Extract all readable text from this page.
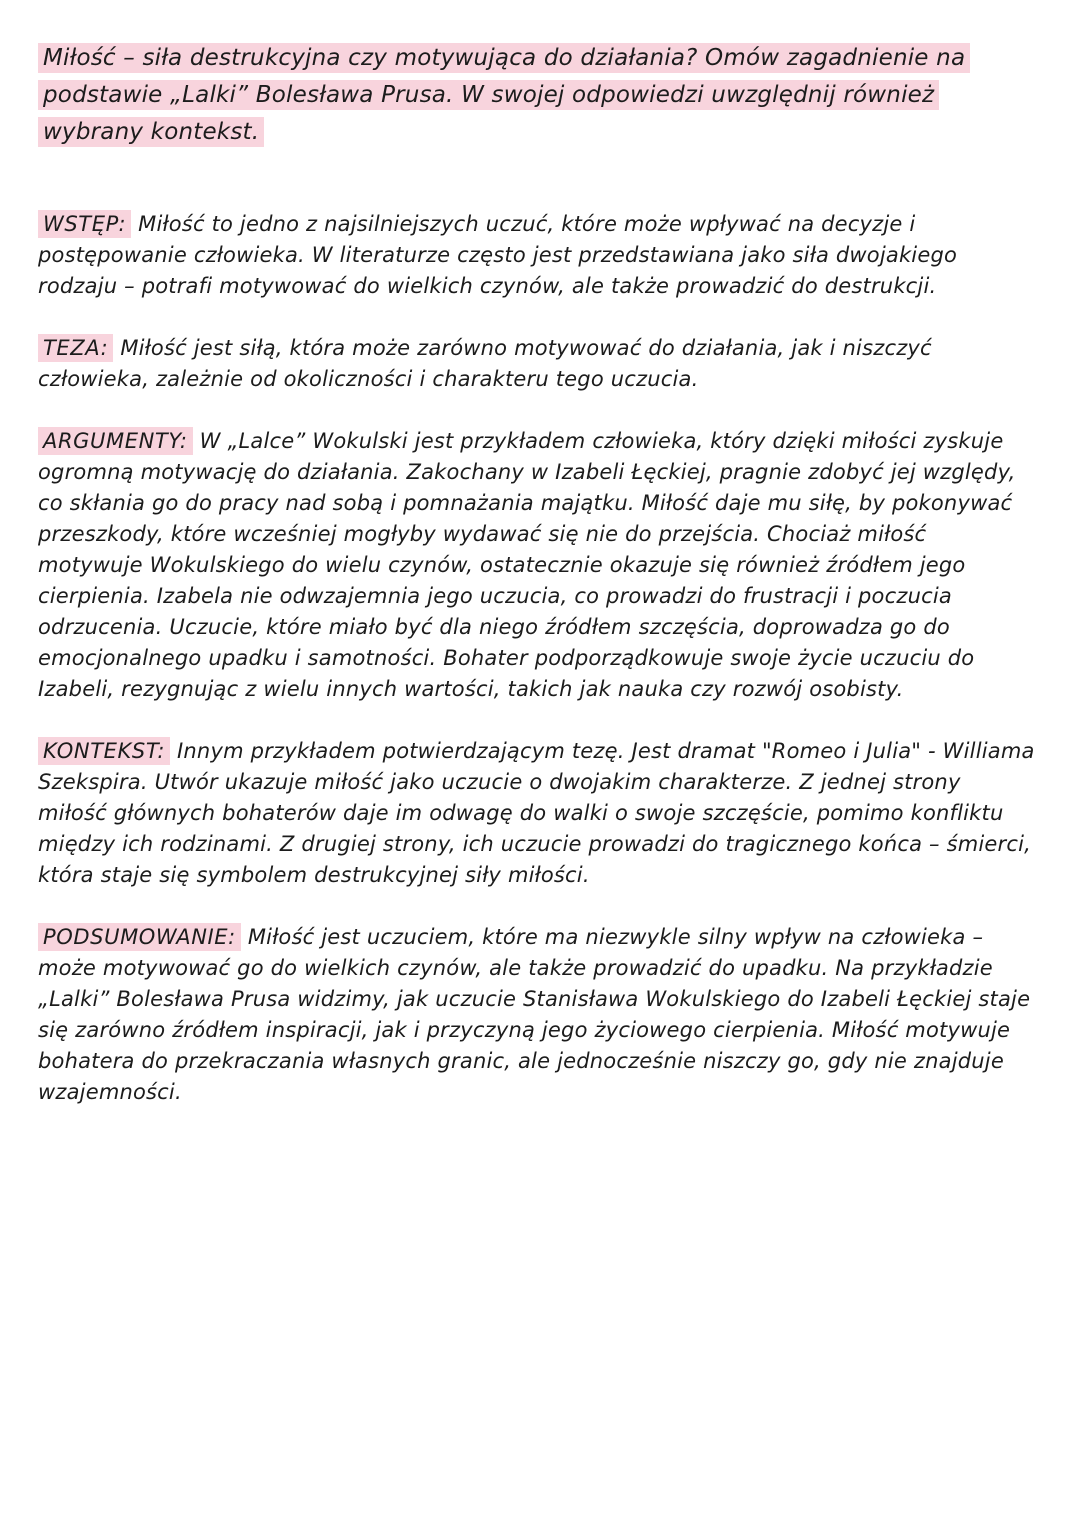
Miłość – siła destrukcyjna czy motywująca do działania? Omów zagadnienie na podstawie „Lalki” Bolesława Prusa. W swojej odpowiedzi uwzględnij również wybrany kontekst.

WSTĘP: Miłość to jedno z najsilniejszych uczuć, które może wpływać na decyzje i postępowanie człowieka. W literaturze często jest przedstawiana jako siła dwojakiego rodzaju – potrafi motywować do wielkich czynów, ale także prowadzić do destrukcji.

TEZA: Miłość jest siłą, która może zarówno motywować do działania, jak i niszczyć człowieka, zależnie od okoliczności i charakteru tego uczucia.

ARGUMENTY: W „Lalce” Wokulski jest przykładem człowieka, który dzięki miłości zyskuje ogromną motywację do działania. Zakochany w Izabeli Łęckiej, pragnie zdobyć jej względy, co skłania go do pracy nad sobą i pomnażania majątku. Miłość daje mu siłę, by pokonywać przeszkody, które wcześniej mogłyby wydawać się nie do przejścia. Chociaż miłość motywuje Wokulskiego do wielu czynów, ostatecznie okazuje się również źródłem jego cierpienia. Izabela nie odwzajemnia jego uczucia, co prowadzi do frustracji i poczucia odrzucenia. Uczucie, które miało być dla niego źródłem szczęścia, doprowadza go do emocjonalnego upadku i samotności. Bohater podporządkowuje swoje życie uczuciu do Izabeli, rezygnując z wielu innych wartości, takich jak nauka czy rozwój osobisty.

KONTEKST: Innym przykładem potwierdzającym tezę. Jest dramat "Romeo i Julia" - Williama Szekspira. Utwór ukazuje miłość jako uczucie o dwojakim charakterze. Z jednej strony miłość głównych bohaterów daje im odwagę do walki o swoje szczęście, pomimo konfliktu między ich rodzinami. Z drugiej strony, ich uczucie prowadzi do tragicznego końca – śmierci, która staje się symbolem destrukcyjnej siły miłości.

PODSUMOWANIE: Miłość jest uczuciem, które ma niezwykle silny wpływ na człowieka – może motywować go do wielkich czynów, ale także prowadzić do upadku. Na przykładzie „Lalki” Bolesława Prusa widzimy, jak uczucie Stanisława Wokulskiego do Izabeli Łęckiej staje się zarówno źródłem inspiracji, jak i przyczyną jego życiowego cierpienia. Miłość motywuje bohatera do przekraczania własnych granic, ale jednocześnie niszczy go, gdy nie znajduje wzajemności.
